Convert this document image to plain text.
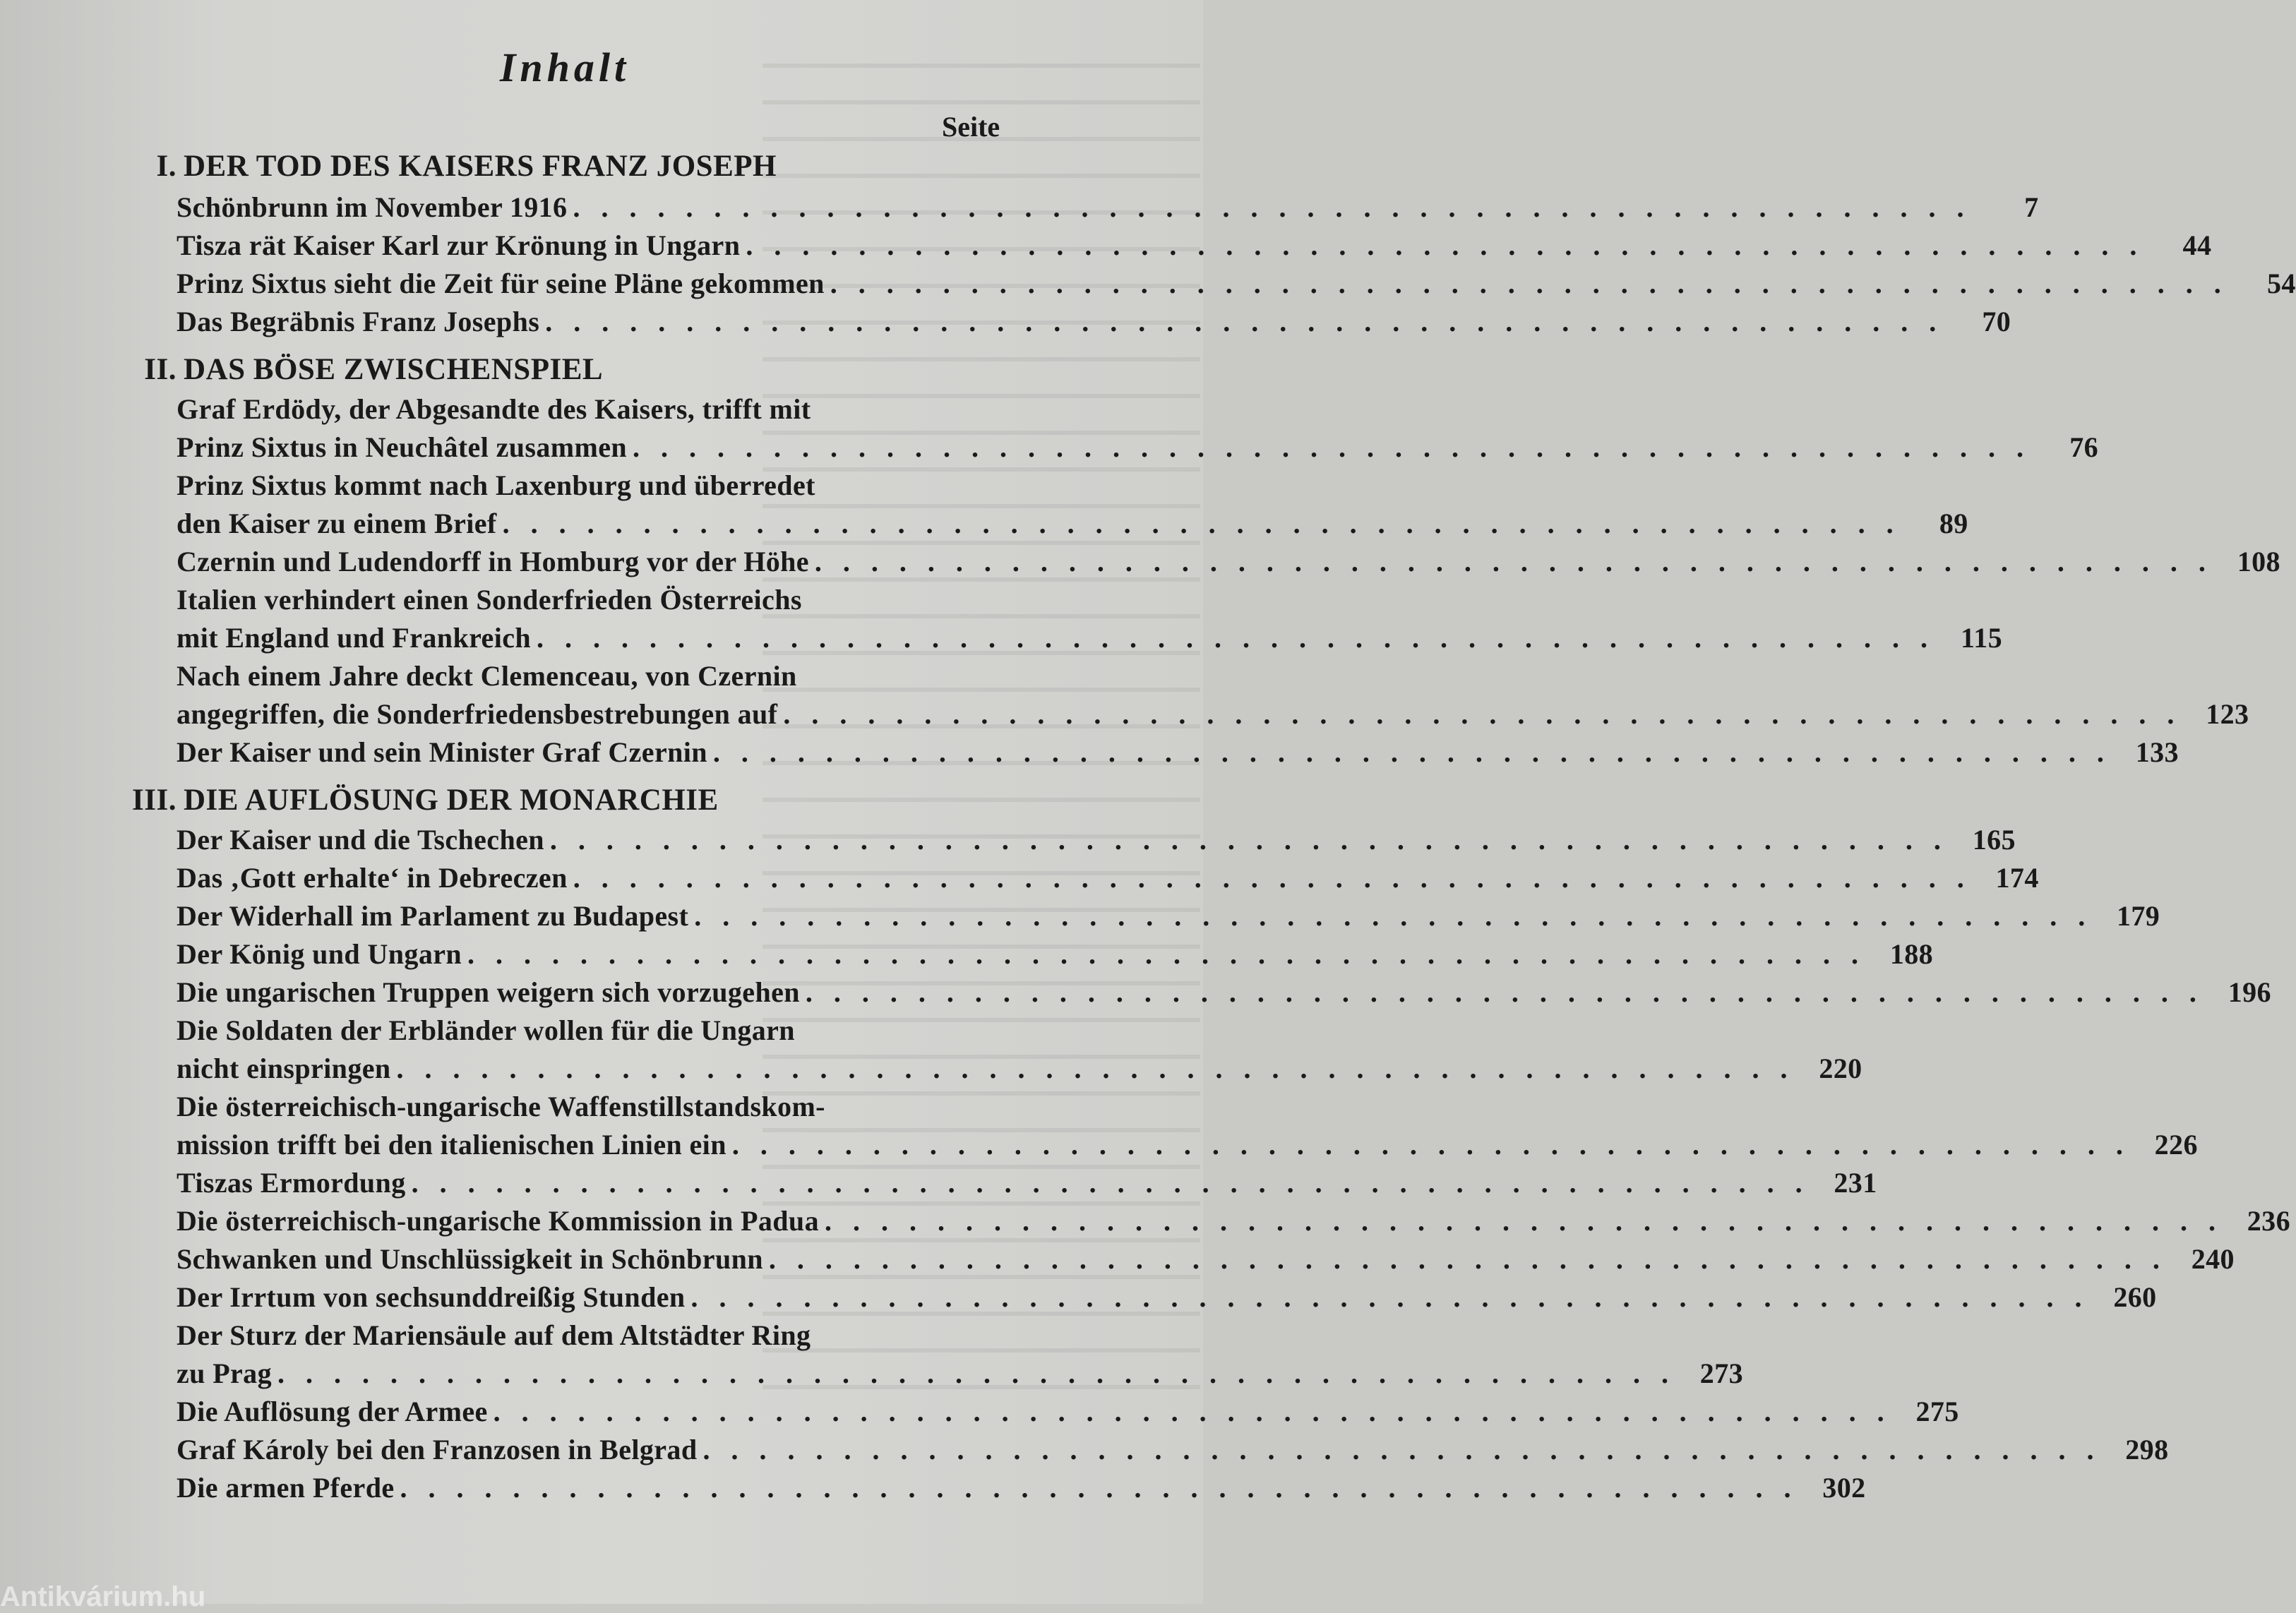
Inhalt
Seite
I. DER TOD DES KAISERS FRANZ JOSEPH
Schönbrunn im November 1916 . . . . . . . . . . . . . . . . . . . . . . . . . . . . . . . . . . . . . . . . . . . . . . . . . .	7
Tisza rät Kaiser Karl zur Krönung in Ungarn . . . . . . . . . . . . . . . . . . . . . . . . . . . . . . . . . . . . . . . . . . . . . . . . . .	44
Prinz Sixtus sieht die Zeit für seine Pläne gekommen . . . . . . . . . . . . . . . . . . . . . . . . . . . . . . . . . . . . . . . . . . . . . . . . . .	54
Das Begräbnis Franz Josephs . . . . . . . . . . . . . . . . . . . . . . . . . . . . . . . . . . . . . . . . . . . . . . . . . .	70
II. DAS BÖSE ZWISCHENSPIEL
Graf Erdödy, der Abgesandte des Kaisers, trifft mit
Prinz Sixtus in Neuchâtel zusammen . . . . . . . . . . . . . . . . . . . . . . . . . . . . . . . . . . . . . . . . . . . . . . . . . .	76
Prinz Sixtus kommt nach Laxenburg und überredet
den Kaiser zu einem Brief . . . . . . . . . . . . . . . . . . . . . . . . . . . . . . . . . . . . . . . . . . . . . . . . . .	89
Czernin und Ludendorff in Homburg vor der Höhe . . . . . . . . . . . . . . . . . . . . . . . . . . . . . . . . . . . . . . . . . . . . . . . . . . 108
Italien verhindert einen Sonderfrieden Österreichs
mit England und Frankreich . . . . . . . . . . . . . . . . . . . . . . . . . . . . . . . . . . . . . . . . . . . . . . . . . . 115
Nach einem Jahre deckt Clemenceau, von Czernin
angegriffen, die Sonderfriedensbestrebungen auf . . . . . . . . . . . . . . . . . . . . . . . . . . . . . . . . . . . . . . . . . . . . . . . . . . 123
Der Kaiser und sein Minister Graf Czernin . . . . . . . . . . . . . . . . . . . . . . . . . . . . . . . . . . . . . . . . . . . . . . . . . . 133
III. DIE AUFLÖSUNG DER MONARCHIE
Der Kaiser und die Tschechen . . . . . . . . . . . . . . . . . . . . . . . . . . . . . . . . . . . . . . . . . . . . . . . . . . 165
Das ‚Gott erhalte‘ in Debreczen . . . . . . . . . . . . . . . . . . . . . . . . . . . . . . . . . . . . . . . . . . . . . . . . . . 174
Der Widerhall im Parlament zu Budapest . . . . . . . . . . . . . . . . . . . . . . . . . . . . . . . . . . . . . . . . . . . . . . . . . . 179
Der König und Ungarn . . . . . . . . . . . . . . . . . . . . . . . . . . . . . . . . . . . . . . . . . . . . . . . . . . 188
Die ungarischen Truppen weigern sich vorzugehen . . . . . . . . . . . . . . . . . . . . . . . . . . . . . . . . . . . . . . . . . . . . . . . . . . 196
Die Soldaten der Erbländer wollen für die Ungarn
nicht einspringen . . . . . . . . . . . . . . . . . . . . . . . . . . . . . . . . . . . . . . . . . . . . . . . . . . 220
Die österreichisch-ungarische Waffenstillstandskom-
mission trifft bei den italienischen Linien ein . . . . . . . . . . . . . . . . . . . . . . . . . . . . . . . . . . . . . . . . . . . . . . . . . . 226
Tiszas Ermordung . . . . . . . . . . . . . . . . . . . . . . . . . . . . . . . . . . . . . . . . . . . . . . . . . . 231
Die österreichisch-ungarische Kommission in Padua . . . . . . . . . . . . . . . . . . . . . . . . . . . . . . . . . . . . . . . . . . . . . . . . . . 236
Schwanken und Unschlüssigkeit in Schönbrunn . . . . . . . . . . . . . . . . . . . . . . . . . . . . . . . . . . . . . . . . . . . . . . . . . . 240
Der Irrtum von sechsunddreißig Stunden . . . . . . . . . . . . . . . . . . . . . . . . . . . . . . . . . . . . . . . . . . . . . . . . . . 260
Der Sturz der Mariensäule auf dem Altstädter Ring
zu Prag . . . . . . . . . . . . . . . . . . . . . . . . . . . . . . . . . . . . . . . . . . . . . . . . . . 273
Die Auflösung der Armee . . . . . . . . . . . . . . . . . . . . . . . . . . . . . . . . . . . . . . . . . . . . . . . . . . 275
Graf Károly bei den Franzosen in Belgrad . . . . . . . . . . . . . . . . . . . . . . . . . . . . . . . . . . . . . . . . . . . . . . . . . . 298
Die armen Pferde . . . . . . . . . . . . . . . . . . . . . . . . . . . . . . . . . . . . . . . . . . . . . . . . . . 302
Antikvárium.hu
